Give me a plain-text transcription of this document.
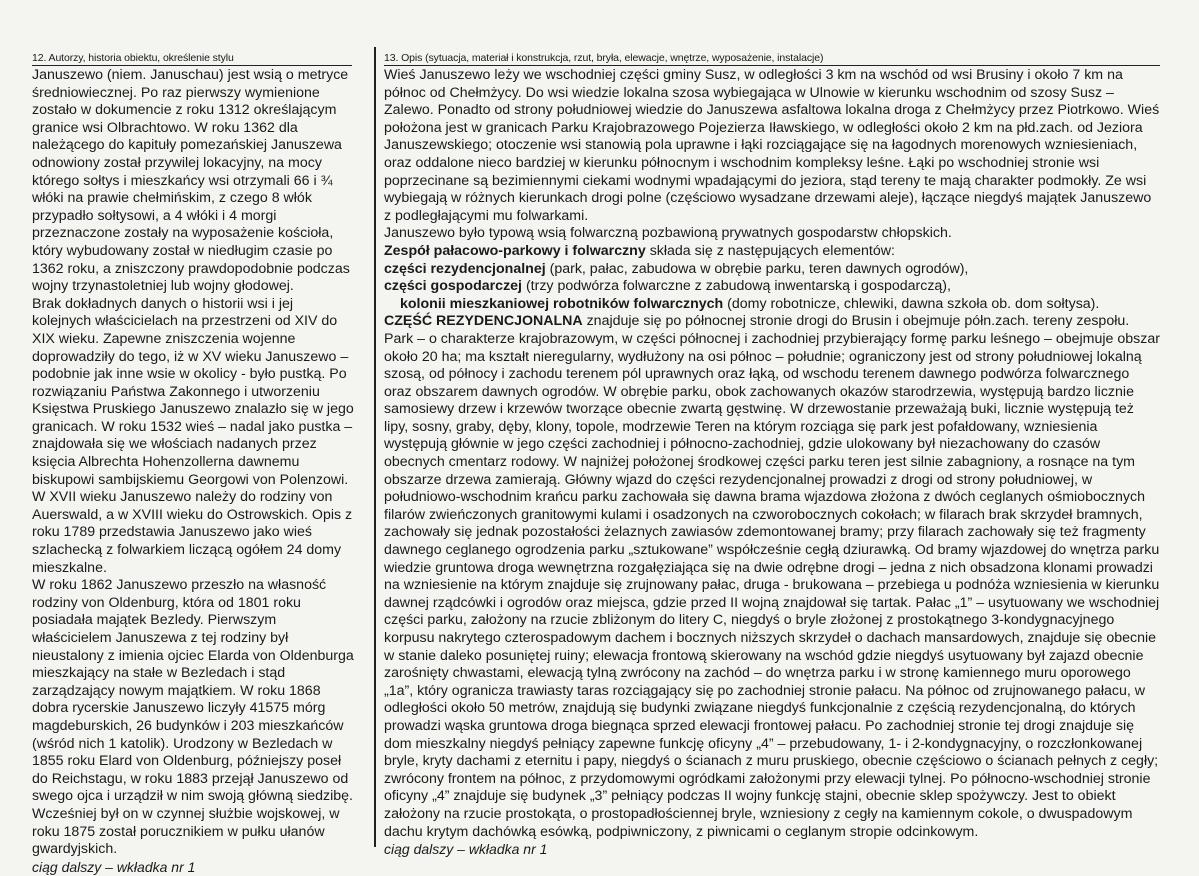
12. Autorzy, historia obiektu, określenie stylu	13. Opis (sytuacja, materiał i konstrukcja, rzut, bryła, elewacje, wnętrze, wyposażenie, instalacje)

Januszewo (niem. Januschau) jest wsią o metryce średniowiecznej. Po raz pierwszy wymienione zostało w dokumencie z roku 1312 określającym granice wsi Olbrachtowo. W roku 1362 dla należącego do kapituły pomezańskiej Januszewa odnowiony został przywilej lokacyjny, na mocy którego sołtys i mieszkańcy wsi otrzymali 66 i ¾ włóki na prawie chełmińskim, z czego 8 włók przypadło sołtysowi, a 4 włóki i 4 morgi przeznaczone zostały na wyposażenie kościoła, który wybudowany został w niedługim czasie po 1362 roku, a zniszczony prawdopodobnie podczas wojny trzynastoletniej lub wojny głodowej.

Brak dokładnych danych o historii wsi i jej kolejnych właścicielach na przestrzeni od XIV do XIX wieku. Zapewne zniszczenia wojenne doprowadziły do tego, iż w XV wieku Januszewo – podobnie jak inne wsie w okolicy - było pustką. Po rozwiązaniu Państwa Zakonnego i utworzeniu Księstwa Pruskiego Januszewo znalazło się w jego granicach. W roku 1532 wieś – nadal jako pustka – znajdowała się we włościach nadanych przez księcia Albrechta Hohenzollerna dawnemu biskupowi sambijskiemu Georgowi von Polenzowi.

W XVII wieku Januszewo należy do rodziny von Auerswald, a w XVIII wieku do Ostrowskich. Opis z roku 1789 przedstawia Januszewo jako wieś szlachecką z folwarkiem liczącą ogółem 24 domy mieszkalne.

W roku 1862 Januszewo przeszło na własność rodziny von Oldenburg, która od 1801 roku posiadała majątek Bezledy. Pierwszym właścicielem Januszewa z tej rodziny był nieustalony z imienia ojciec Elarda von Oldenburga mieszkający na stałe w Bezledach i stąd zarządzający nowym majątkiem. W roku 1868 dobra rycerskie Januszewo liczyły 41575 mórg magdeburskich, 26 budynków i 203 mieszkańców (wśród nich 1 katolik). Urodzony w Bezledach w 1855 roku Elard von Oldenburg, późniejszy poseł do Reichstagu, w roku 1883 przejął Januszewo od swego ojca i urządził w nim swoją główną siedzibę. Wcześniej był on w czynnej służbie wojskowej, w roku 1875 został porucznikiem w pułku ułanów gwardyjskich.

ciąg dalszy – wkładka nr 1

Wieś Januszewo leży we wschodniej części gminy Susz, w odległości 3 km na wschód od wsi Brusiny i około 7 km na północ od Chełmżycy. Do wsi wiedzie lokalna szosa wybiegająca w Ulnowie w kierunku wschodnim od szosy Susz – Zalewo. Ponadto od strony południowej wiedzie do Januszewa asfaltowa lokalna droga z Chełmżycy przez Piotrkowo. Wieś położona jest w granicach Parku Krajobrazowego Pojezierza Iławskiego, w odległości około 2 km na płd.zach. od Jeziora Januszewskiego; otoczenie wsi stanowią pola uprawne i łąki rozciągające się na łagodnych morenowych wzniesieniach, oraz oddalone nieco bardziej w kierunku północnym i wschodnim kompleksy leśne. Łąki po wschodniej stronie wsi poprzecinane są bezimiennymi ciekami wodnymi wpadającymi do jeziora, stąd tereny te mają charakter podmokły. Ze wsi wybiegają w różnych kierunkach drogi polne (częściowo wysadzane drzewami aleje), łączące niegdyś majątek Januszewo z podległającymi mu folwarkami.

Januszewo było typową wsią folwarczną pozbawioną prywatnych gospodarstw chłopskich.

Zespół pałacowo-parkowy i folwarczny składa się z następujących elementów:

części rezydencjonalnej (park, pałac, zabudowa w obrębie parku, teren dawnych ogrodów),

części gospodarczej (trzy podwórza folwarczne z zabudową inwentarską i gospodarczą),

kolonii mieszkaniowej robotników folwarcznych (domy robotnicze, chlewiki, dawna szkoła ob. dom sołtysa).

CZĘŚĆ REZYDENCJONALNA znajduje się po północnej stronie drogi do Brusin i obejmuje półn.zach. tereny zespołu.

Park – o charakterze krajobrazowym, w części północnej i zachodniej przybierający formę parku leśnego – obejmuje obszar około 20 ha; ma kształt nieregularny, wydłużony na osi północ – południe; ograniczony jest od strony południowej lokalną szosą, od północy i zachodu terenem pól uprawnych oraz łąką, od wschodu terenem dawnego podwórza folwarcznego oraz obszarem dawnych ogrodów. W obrębie parku, obok zachowanych okazów starodrzewia, występują bardzo licznie samosiewy drzew i krzewów tworzące obecnie zwartą gęstwinę. W drzewostanie przeważają buki, licznie występują też lipy, sosny, graby, dęby, klony, topole, modrzewie Teren na którym rozciąga się park jest pofałdowany, wzniesienia występują głównie w jego części zachodniej i północno-zachodniej, gdzie ulokowany był niezachowany do czasów obecnych cmentarz rodowy. W najniżej położonej środkowej części parku teren jest silnie zabagniony, a rosnące na tym obszarze drzewa zamierają. Główny wjazd do części rezydencjonalnej prowadzi z drogi od strony południowej, w południowo-wschodnim krańcu parku zachowała się dawna brama wjazdowa złożona z dwóch ceglanych ośmiobocznych filarów zwieńczonych granitowymi kulami i osadzonych na czworobocznych cokołach; w filarach brak skrzydeł bramnych, zachowały się jednak pozostałości żelaznych zawiasów zdemontowanej bramy; przy filarach zachowały się też fragmenty dawnego ceglanego ogrodzenia parku „sztukowane” współcześnie cegłą dziurawką. Od bramy wjazdowej do wnętrza parku wiedzie gruntowa droga wewnętrzna rozgałęziająca się na dwie odrębne drogi – jedna z nich obsadzona klonami prowadzi na wzniesienie na którym znajduje się zrujnowany pałac, druga - brukowana – przebiega u podnóża wzniesienia w kierunku dawnej rządcówki i ogrodów oraz miejsca, gdzie przed II wojną znajdował się tartak. Pałac „1” – usytuowany we wschodniej części parku, założony na rzucie zbliżonym do litery C, niegdyś o bryle złożonej z prostokątnego 3-kondygnacyjnego korpusu nakrytego czterospadowym dachem i bocznych niższych skrzydeł o dachach mansardowych, znajduje się obecnie w stanie daleko posuniętej ruiny; elewacja frontową skierowany na wschód gdzie niegdyś usytuowany był zajazd obecnie zarośnięty chwastami, elewacją tylną zwrócony na zachód – do wnętrza parku i w stronę kamiennego muru oporowego „1a”, który ogranicza trawiasty taras rozciągający się po zachodniej stronie pałacu. Na północ od zrujnowanego pałacu, w odległości około 50 metrów, znajdują się budynki związane niegdyś funkcjonalnie z częścią rezydencjonalną, do których prowadzi wąska gruntowa droga biegnąca sprzed elewacji frontowej pałacu. Po zachodniej stronie tej drogi znajduje się dom mieszkalny niegdyś pełniący zapewne funkcję oficyny „4” – przebudowany, 1- i 2-kondygnacyjny, o rozczłonkowanej bryle, kryty dachami z eternitu i papy, niegdyś o ścianach z muru pruskiego, obecnie częściowo o ścianach pełnych z cegły; zwrócony frontem na północ, z przydomowymi ogródkami założonymi przy elewacji tylnej. Po północno-wschodniej stronie oficyny „4” znajduje się budynek „3” pełniący podczas II wojny funkcję stajni, obecnie sklep spożywczy. Jest to obiekt założony na rzucie prostokąta, o prostopadłościennej bryle, wzniesiony z cegły na kamiennym cokole, o dwuspadowym dachu krytym dachówką esówką, podpiwniczony, z piwnicami o ceglanym stropie odcinkowym.

ciąg dalszy – wkładka nr 1
